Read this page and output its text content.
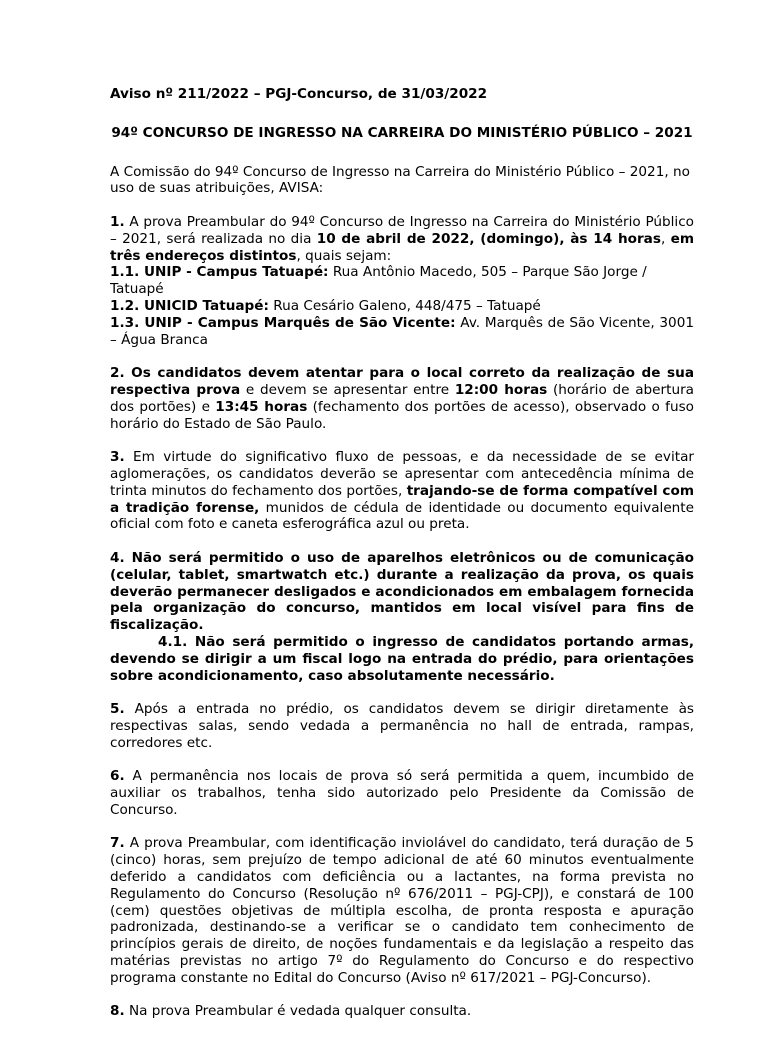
Aviso nº 211/2022 – PGJ-Concurso, de 31/03/2022

94º CONCURSO DE INGRESSO NA CARREIRA DO MINISTÉRIO PÚBLICO – 2021

A Comissão do 94º Concurso de Ingresso na Carreira do Ministério Público – 2021, no uso de suas atribuições, AVISA:

1. A prova Preambular do 94º Concurso de Ingresso na Carreira do Ministério Público – 2021, será realizada no dia 10 de abril de 2022, (domingo), às 14 horas, em três endereços distintos, quais sejam:

1.1. UNIP - Campus Tatuapé: Rua Antônio Macedo, 505 – Parque São Jorge / Tatuapé

1.2. UNICID Tatuapé: Rua Cesário Galeno, 448/475 – Tatuapé

1.3. UNIP - Campus Marquês de São Vicente: Av. Marquês de São Vicente, 3001 – Água Branca

2. Os candidatos devem atentar para o local correto da realização de sua respectiva prova e devem se apresentar entre 12:00 horas (horário de abertura dos portões) e 13:45 horas (fechamento dos portões de acesso), observado o fuso horário do Estado de São Paulo.

3. Em virtude do significativo fluxo de pessoas, e da necessidade de se evitar aglomerações, os candidatos deverão se apresentar com antecedência mínima de trinta minutos do fechamento dos portões, trajando-se de forma compatível com a tradição forense, munidos de cédula de identidade ou documento equivalente oficial com foto e caneta esferográfica azul ou preta.

4. Não será permitido o uso de aparelhos eletrônicos ou de comunicação (celular, tablet, smartwatch etc.) durante a realização da prova, os quais deverão permanecer desligados e acondicionados em embalagem fornecida pela organização do concurso, mantidos em local visível para fins de fiscalização.

4.1. Não será permitido o ingresso de candidatos portando armas, devendo se dirigir a um fiscal logo na entrada do prédio, para orientações sobre acondicionamento, caso absolutamente necessário.

5. Após a entrada no prédio, os candidatos devem se dirigir diretamente às respectivas salas, sendo vedada a permanência no hall de entrada, rampas, corredores etc.

6. A permanência nos locais de prova só será permitida a quem, incumbido de auxiliar os trabalhos, tenha sido autorizado pelo Presidente da Comissão de Concurso.

7. A prova Preambular, com identificação inviolável do candidato, terá duração de 5 (cinco) horas, sem prejuízo de tempo adicional de até 60 minutos eventualmente deferido a candidatos com deficiência ou a lactantes, na forma prevista no Regulamento do Concurso (Resolução nº 676/2011 – PGJ-CPJ), e constará de 100 (cem) questões objetivas de múltipla escolha, de pronta resposta e apuração padronizada, destinando-se a verificar se o candidato tem conhecimento de princípios gerais de direito, de noções fundamentais e da legislação a respeito das matérias previstas no artigo 7º do Regulamento do Concurso e do respectivo programa constante no Edital do Concurso (Aviso nº 617/2021 – PGJ-Concurso).

8. Na prova Preambular é vedada qualquer consulta.
